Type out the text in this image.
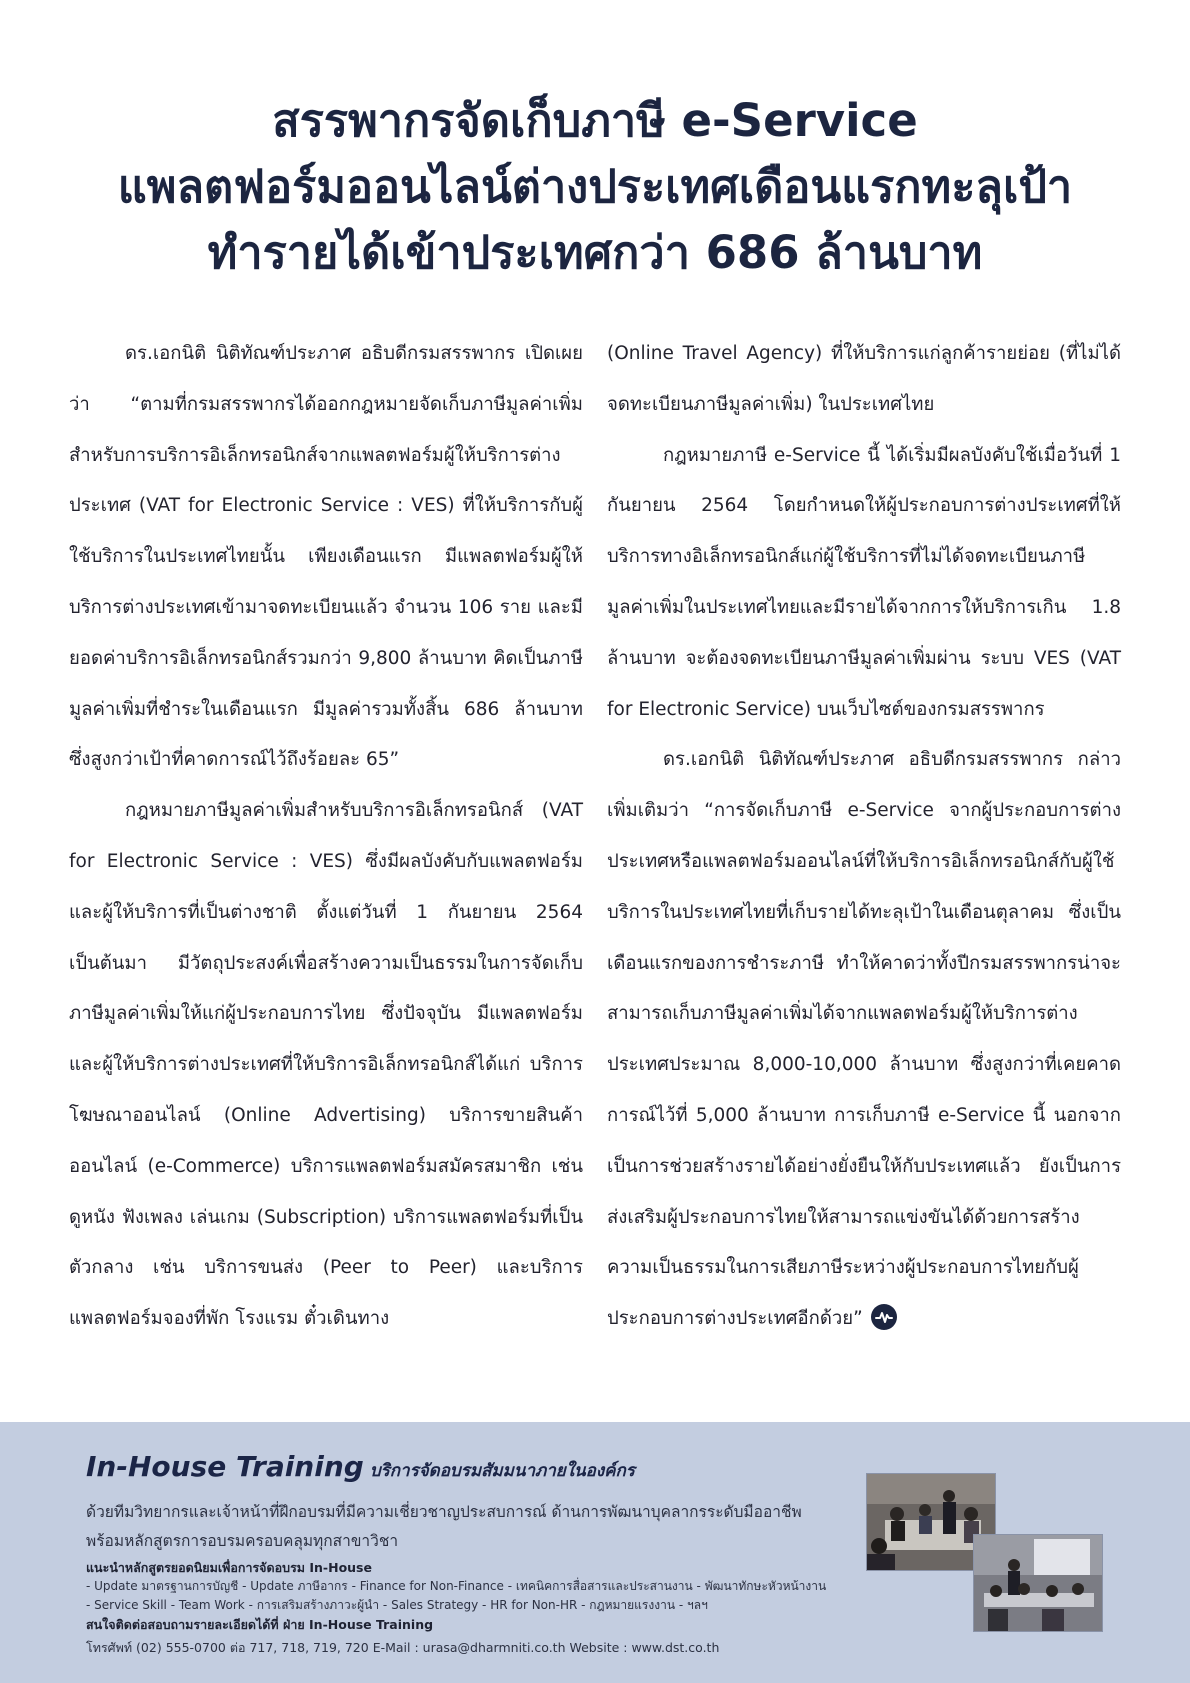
สรรพากรจัดเก็บภาษี e-Service
แพลตฟอร์มออนไลน์ต่างประเทศเดือนแรกทะลุเป้า
ทำรายได้เข้าประเทศกว่า 686 ล้านบาท

ดร.เอกนิติ นิติทัณฑ์ประภาศ อธิบดีกรมสรรพากร เปิดเผยว่า “ตามที่กรมสรรพากรได้ออกกฎหมายจัดเก็บภาษีมูลค่าเพิ่มสำหรับการบริการอิเล็กทรอนิกส์จากแพลตฟอร์มผู้ให้บริการต่างประเทศ (VAT for Electronic Service : VES) ที่ให้บริการกับผู้ใช้บริการในประเทศไทยนั้น เพียงเดือนแรก มีแพลตฟอร์มผู้ให้บริการต่างประเทศเข้ามาจดทะเบียนแล้ว จำนวน 106 ราย และมียอดค่าบริการอิเล็กทรอนิกส์รวมกว่า 9,800 ล้านบาท คิดเป็นภาษีมูลค่าเพิ่มที่ชำระในเดือนแรก มีมูลค่ารวมทั้งสิ้น 686 ล้านบาท ซึ่งสูงกว่าเป้าที่คาดการณ์ไว้ถึงร้อยละ 65”

กฎหมายภาษีมูลค่าเพิ่มสำหรับบริการอิเล็กทรอนิกส์ (VAT for Electronic Service : VES) ซึ่งมีผลบังคับกับแพลตฟอร์มและผู้ให้บริการที่เป็นต่างชาติ ตั้งแต่วันที่ 1 กันยายน 2564 เป็นต้นมา มีวัตถุประสงค์เพื่อสร้างความเป็นธรรมในการจัดเก็บภาษีมูลค่าเพิ่มให้แก่ผู้ประกอบการไทย ซึ่งปัจจุบัน มีแพลตฟอร์มและผู้ให้บริการต่างประเทศที่ให้บริการอิเล็กทรอนิกส์ได้แก่ บริการโฆษณาออนไลน์ (Online Advertising) บริการขายสินค้าออนไลน์ (e-Commerce) บริการแพลตฟอร์มสมัครสมาชิก เช่น ดูหนัง ฟังเพลง เล่นเกม (Subscription) บริการแพลตฟอร์มที่เป็นตัวกลาง เช่น บริการขนส่ง (Peer to Peer) และบริการแพลตฟอร์มจองที่พัก โรงแรม ตั๋วเดินทาง

(Online Travel Agency) ที่ให้บริการแก่ลูกค้ารายย่อย (ที่ไม่ได้จดทะเบียนภาษีมูลค่าเพิ่ม) ในประเทศไทย

กฎหมายภาษี e-Service นี้ ได้เริ่มมีผลบังคับใช้เมื่อวันที่ 1 กันยายน 2564 โดยกำหนดให้ผู้ประกอบการต่างประเทศที่ให้บริการทางอิเล็กทรอนิกส์แก่ผู้ใช้บริการที่ไม่ได้จดทะเบียนภาษีมูลค่าเพิ่มในประเทศไทยและมีรายได้จากการให้บริการเกิน 1.8 ล้านบาท จะต้องจดทะเบียนภาษีมูลค่าเพิ่มผ่าน ระบบ VES (VAT for Electronic Service) บนเว็บไซต์ของกรมสรรพากร

ดร.เอกนิติ นิติทัณฑ์ประภาศ อธิบดีกรมสรรพากร กล่าวเพิ่มเติมว่า “การจัดเก็บภาษี e-Service จากผู้ประกอบการต่างประเทศหรือแพลตฟอร์มออนไลน์ที่ให้บริการอิเล็กทรอนิกส์กับผู้ใช้บริการในประเทศไทยที่เก็บรายได้ทะลุเป้าในเดือนตุลาคม ซึ่งเป็นเดือนแรกของการชำระภาษี ทำให้คาดว่าทั้งปีกรมสรรพากรน่าจะสามารถเก็บภาษีมูลค่าเพิ่มได้จากแพลตฟอร์มผู้ให้บริการต่างประเทศประมาณ 8,000-10,000 ล้านบาท ซึ่งสูงกว่าที่เคยคาดการณ์ไว้ที่ 5,000 ล้านบาท การเก็บภาษี e-Service นี้ นอกจากเป็นการช่วยสร้างรายได้อย่างยั่งยืนให้กับประเทศแล้ว ยังเป็นการส่งเสริมผู้ประกอบการไทยให้สามารถแข่งขันได้ด้วยการสร้างความเป็นธรรมในการเสียภาษีระหว่างผู้ประกอบการไทยกับผู้ประกอบการต่างประเทศอีกด้วย”

In-House Training บริการจัดอบรมสัมมนาภายในองค์กร
ด้วยทีมวิทยากรและเจ้าหน้าที่ฝึกอบรมที่มีความเชี่ยวชาญประสบการณ์ ด้านการพัฒนาบุคลากรระดับมืออาชีพ
พร้อมหลักสูตรการอบรมครอบคลุมทุกสาขาวิชา
แนะนำหลักสูตรยอดนิยมเพื่อการจัดอบรม In-House
- Update มาตรฐานการบัญชี - Update ภาษีอากร - Finance for Non-Finance - เทคนิคการสื่อสารและประสานงาน - พัฒนาทักษะหัวหน้างาน
- Service Skill - Team Work - การเสริมสร้างภาวะผู้นำ - Sales Strategy - HR for Non-HR - กฎหมายแรงงาน - ฯลฯ
สนใจติดต่อสอบถามรายละเอียดได้ที่ ฝ่าย In-House Training
โทรศัพท์ (02) 555-0700 ต่อ 717, 718, 719, 720 E-Mail : urasa@dharmniti.co.th Website : www.dst.co.th
